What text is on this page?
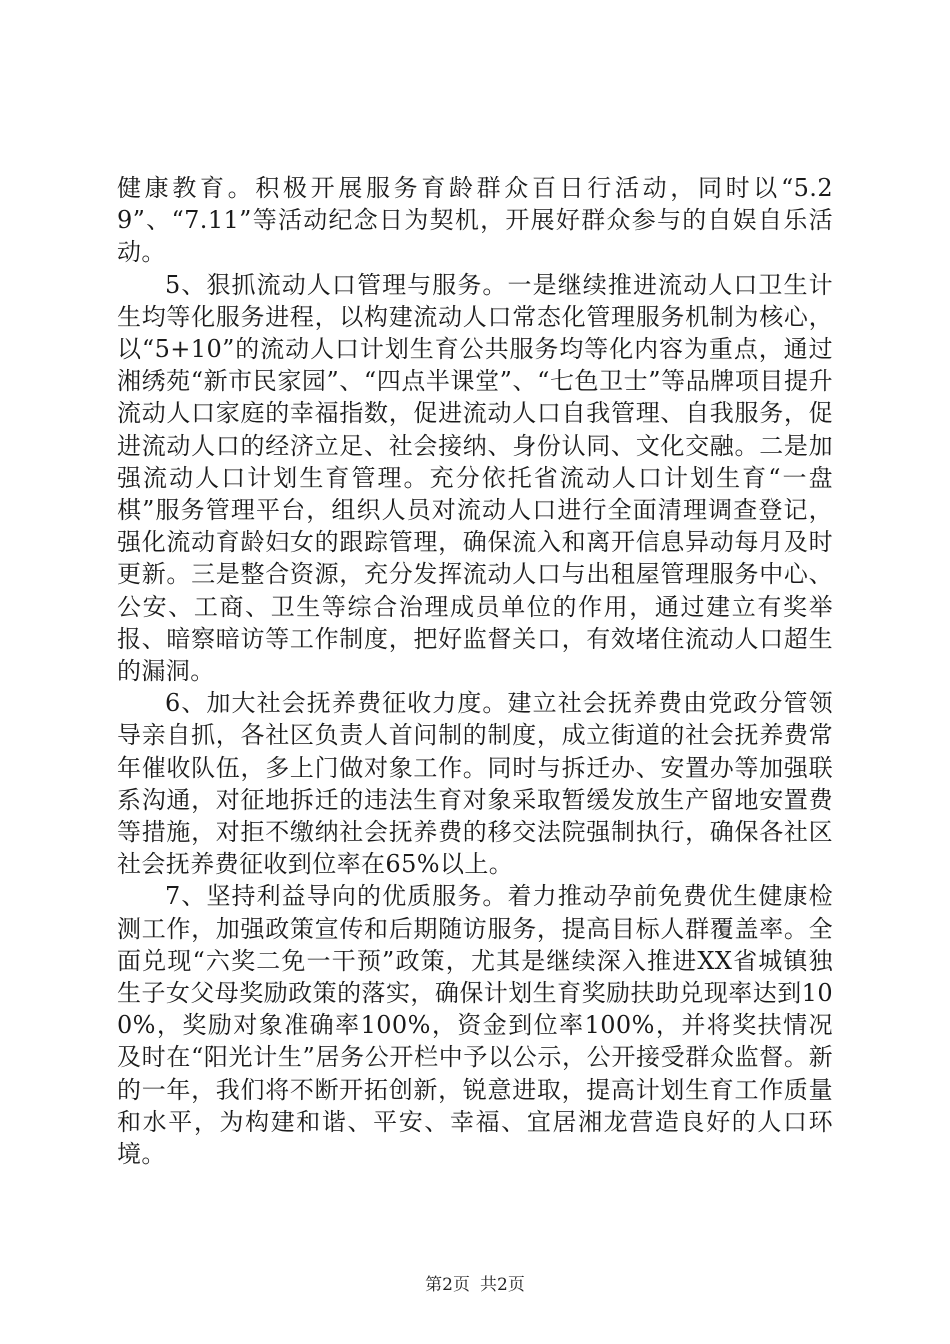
健康教育。积极开展服务育龄群众百日行活动，同时以“5.29”、“7.11”等活动纪念日为契机，开展好群众参与的自娱自乐活动。

5、狠抓流动人口管理与服务。一是继续推进流动人口卫生计生均等化服务进程，以构建流动人口常态化管理服务机制为核心，以“5+10”的流动人口计划生育公共服务均等化内容为重点，通过湘绣苑“新市民家园”、“四点半课堂”、“七色卫士”等品牌项目提升流动人口家庭的幸福指数，促进流动人口自我管理、自我服务，促进流动人口的经济立足、社会接纳、身份认同、文化交融。二是加强流动人口计划生育管理。充分依托省流动人口计划生育“一盘棋”服务管理平台，组织人员对流动人口进行全面清理调查登记，强化流动育龄妇女的跟踪管理，确保流入和离开信息异动每月及时更新。三是整合资源，充分发挥流动人口与出租屋管理服务中心、公安、工商、卫生等综合治理成员单位的作用，通过建立有奖举报、暗察暗访等工作制度，把好监督关口，有效堵住流动人口超生的漏洞。

6、加大社会抚养费征收力度。建立社会抚养费由党政分管领导亲自抓，各社区负责人首问制的制度，成立街道的社会抚养费常年催收队伍，多上门做对象工作。同时与拆迁办、安置办等加强联系沟通，对征地拆迁的违法生育对象采取暂缓发放生产留地安置费等措施，对拒不缴纳社会抚养费的移交法院强制执行，确保各社区社会抚养费征收到位率在65%以上。

7、坚持利益导向的优质服务。着力推动孕前免费优生健康检测工作，加强政策宣传和后期随访服务，提高目标人群覆盖率。全面兑现“六奖二免一干预”政策，尤其是继续深入推进XX省城镇独生子女父母奖励政策的落实，确保计划生育奖励扶助兑现率达到100%，奖励对象准确率100%，资金到位率100%，并将奖扶情况及时在“阳光计生”居务公开栏中予以公示，公开接受群众监督。新的一年，我们将不断开拓创新，锐意进取，提高计划生育工作质量和水平，为构建和谐、平安、幸福、宜居湘龙营造良好的人口环境。

第2页 共2页
